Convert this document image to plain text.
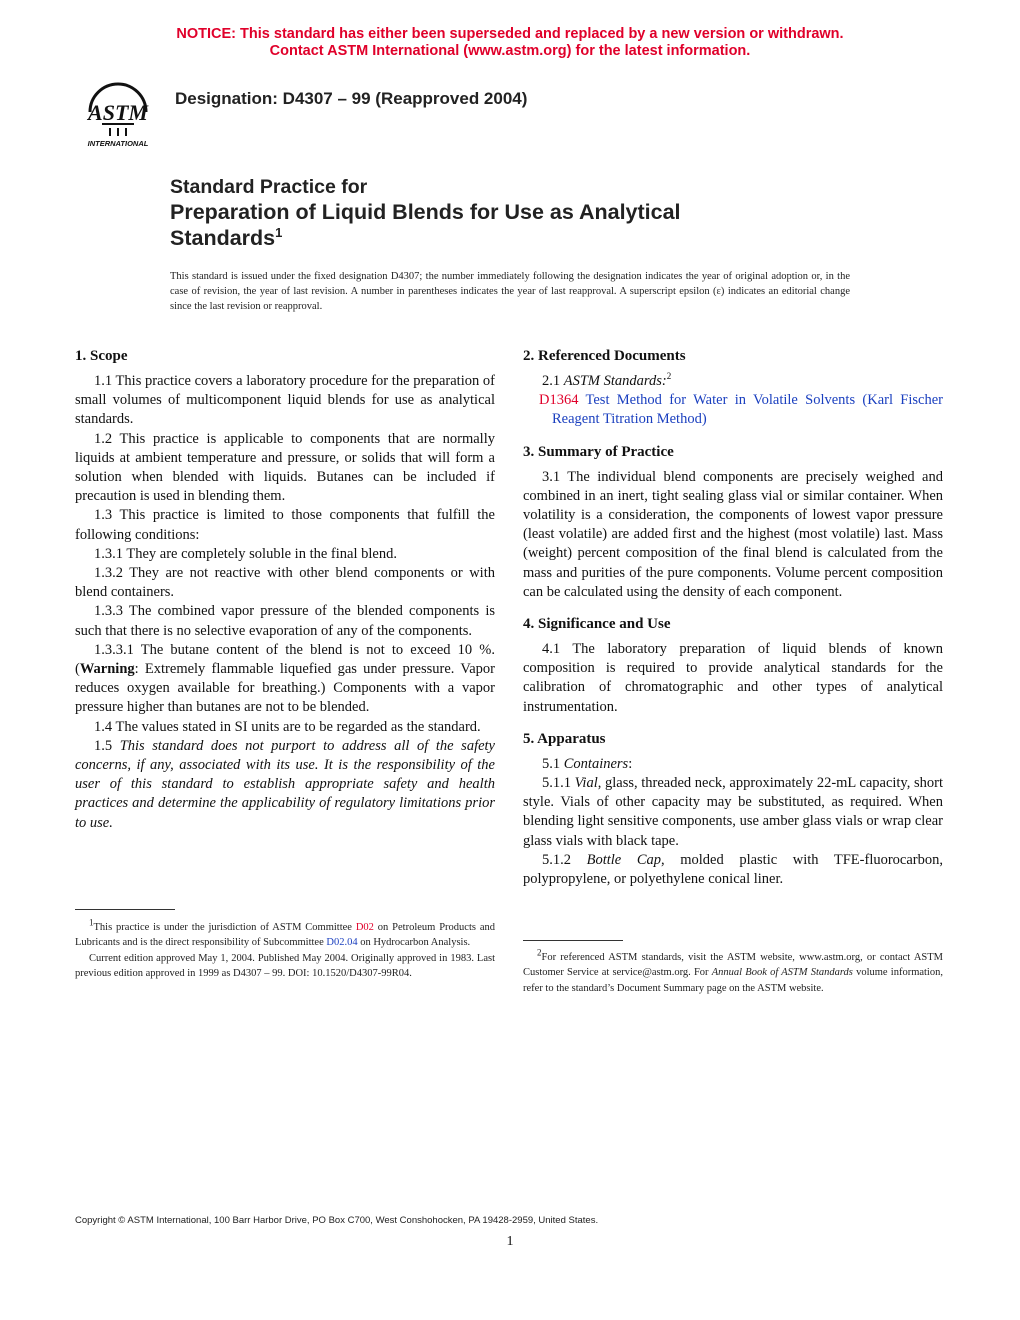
NOTICE: This standard has either been superseded and replaced by a new version or withdrawn.
Contact ASTM International (www.astm.org) for the latest information.
ASTM
INTERNATIONAL
Designation: D4307 – 99 (Reapproved 2004)
Standard Practice for
Preparation of Liquid Blends for Use as Analytical
Standards$^1$
This standard is issued under the fixed designation D4307; the number immediately following the designation indicates the year of original adoption or, in the case of revision, the year of last revision. A number in parentheses indicates the year of last reapproval. A superscript epsilon (ε) indicates an editorial change since the last revision or reapproval.
1. Scope

1.1 This practice covers a laboratory procedure for the preparation of small volumes of multicomponent liquid blends for use as analytical standards.

1.2 This practice is applicable to components that are normally liquids at ambient temperature and pressure, or solids that will form a solution when blended with liquids. Butanes can be included if precaution is used in blending them.

1.3 This practice is limited to those components that fulfill the following conditions:

1.3.1 They are completely soluble in the final blend.

1.3.2 They are not reactive with other blend components or with blend containers.

1.3.3 The combined vapor pressure of the blended components is such that there is no selective evaporation of any of the components.

1.3.3.1 The butane content of the blend is not to exceed 10 %. (Warning: Extremely flammable liquefied gas under pressure. Vapor reduces oxygen available for breathing.) Components with a vapor pressure higher than butanes are not to be blended.

1.4 The values stated in SI units are to be regarded as the standard.

1.5 This standard does not purport to address all of the safety concerns, if any, associated with its use. It is the responsibility of the user of this standard to establish appropriate safety and health practices and determine the applicability of regulatory limitations prior to use.

2. Referenced Documents

2.1 ASTM Standards:$^2$

D1364 Test Method for Water in Volatile Solvents (Karl Fischer Reagent Titration Method)

3. Summary of Practice

3.1 The individual blend components are precisely weighed and combined in an inert, tight sealing glass vial or similar container. When volatility is a consideration, the components of lowest vapor pressure (least volatile) are added first and the highest (most volatile) last. Mass (weight) percent composition of the final blend is calculated from the mass and purities of the pure components. Volume percent composition can be calculated using the density of each component.

4. Significance and Use

4.1 The laboratory preparation of liquid blends of known composition is required to provide analytical standards for the calibration of chromatographic and other types of analytical instrumentation.

5. Apparatus

5.1 Containers:

5.1.1 Vial, glass, threaded neck, approximately 22-mL capacity, short style. Vials of other capacity may be substituted, as required. When blending light sensitive components, use amber glass vials or wrap clear glass vials with black tape.

5.1.2 Bottle Cap, molded plastic with TFE-fluorocarbon, polypropylene, or polyethylene conical liner.

$^1$This practice is under the jurisdiction of ASTM Committee D02 on Petroleum Products and Lubricants and is the direct responsibility of Subcommittee D02.04 on Hydrocarbon Analysis.

Current edition approved May 1, 2004. Published May 2004. Originally approved in 1983. Last previous edition approved in 1999 as D4307 – 99. DOI: 10.1520/D4307-99R04.

$^2$For referenced ASTM standards, visit the ASTM website, www.astm.org, or contact ASTM Customer Service at service@astm.org. For Annual Book of ASTM Standards volume information, refer to the standard’s Document Summary page on the ASTM website.

Copyright © ASTM International, 100 Barr Harbor Drive, PO Box C700, West Conshohocken, PA 19428-2959, United States.
1
